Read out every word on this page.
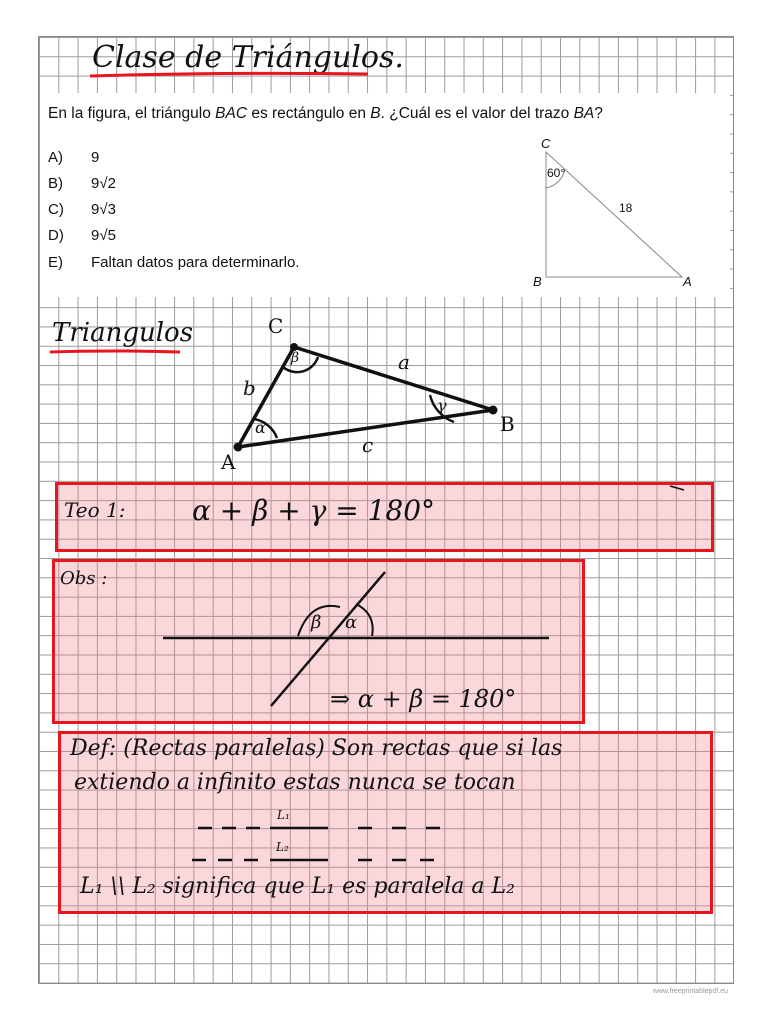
Clase de Triángulos.
En la figura, el triángulo BAC es rectángulo en B. ¿Cuál es el valor del trazo BA?
A) 9
B) 9√2
C) 9√3
D) 9√5
E) Faltan datos para determinarlo.
C
B	A
60°
18
Triangulos	C
A
B
a
b
c
α
β
γ
Teo 1: α + β + γ = 180°
Obs :
β α
⇒ α + β = 180°
Def: (Rectas paralelas) Son rectas que si las
extiendo a infinito estas nunca se tocan
L₁
L₂
L₁ \\ L₂ significa que L₁ es paralela a L₂
www.freeprintablepdf.eu
